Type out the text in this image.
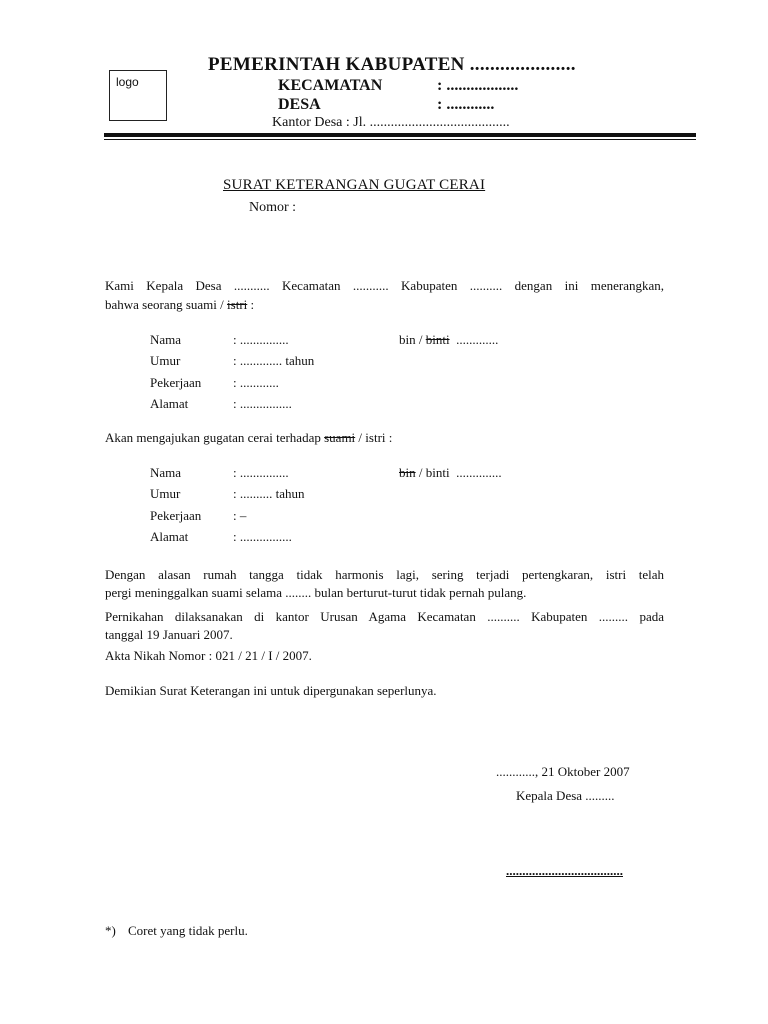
logo
PEMERINTAH KABUPATEN .....................
KECAMATAN	: ..................
DESA	: ............
Kantor Desa : Jl. ........................................
SURAT KETERANGAN GUGAT CERAI
Nomor :
Kami Kepala Desa ........... Kecamatan ........... Kabupaten .......... dengan ini menerangkan,
bahwa seorang suami / istri :
Nama	: ...............	bin / binti .............
Umur	: ............. tahun
Pekerjaan : ............
Alamat	: ................
Akan mengajukan gugatan cerai terhadap suami / istri :
Nama	: ...............	bin / binti ..............
Umur	: .......... tahun
Pekerjaan : –
Alamat	: ................
Dengan alasan rumah tangga tidak harmonis lagi, sering terjadi pertengkaran, istri telah
pergi meninggalkan suami selama ........ bulan berturut-turut tidak pernah pulang.
Pernikahan dilaksanakan di kantor Urusan Agama Kecamatan .......... Kabupaten ......... pada
tanggal 19 Januari 2007.
Akta Nikah Nomor : 021 / 21 / I / 2007.
Demikian Surat Keterangan ini untuk dipergunakan seperlunya.
............, 21 Oktober 2007
Kepala Desa .........
....................................
*) Coret yang tidak perlu.
